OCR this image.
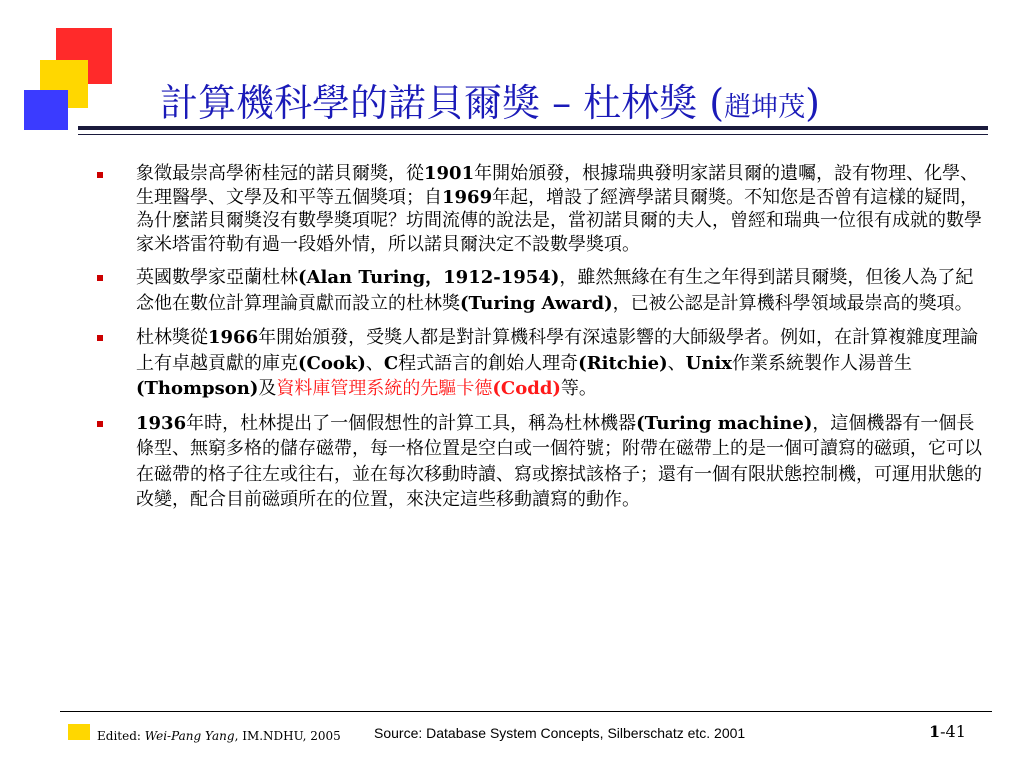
計算機科學的諾貝爾獎 – 杜林獎 (趙坤茂)
象徵最崇高學術桂冠的諾貝爾獎，從1901年開始頒發，根據瑞典發明家諾貝爾的遺囑，設有物理、化學、生理醫學、文學及和平等五個獎項；自1969年起，增設了經濟學諾貝爾獎。不知您是否曾有這樣的疑問，為什麼諾貝爾獎沒有數學獎項呢？坊間流傳的說法是，當初諾貝爾的夫人，曾經和瑞典一位很有成就的數學家米塔雷符勒有過一段婚外情，所以諾貝爾決定不設數學獎項。
英國數學家亞蘭杜林(Alan Turing，1912-1954)，雖然無緣在有生之年得到諾貝爾獎，但後人為了紀念他在數位計算理論貢獻而設立的杜林獎(Turing Award)，已被公認是計算機科學領域最崇高的獎項。
杜林獎從1966年開始頒發，受獎人都是對計算機科學有深遠影響的大師級學者。例如，在計算複雜度理論上有卓越貢獻的庫克(Cook)、C程式語言的創始人理奇(Ritchie)、Unix作業系統製作人湯普生(Thompson)及資料庫管理系統的先驅卡德(Codd)等。
1936年時，杜林提出了一個假想性的計算工具，稱為杜林機器(Turing machine)，這個機器有一個長條型、無窮多格的儲存磁帶，每一格位置是空白或一個符號；附帶在磁帶上的是一個可讀寫的磁頭，它可以在磁帶的格子往左或往右，並在每次移動時讀、寫或擦拭該格子；還有一個有限狀態控制機，可運用狀態的改變，配合目前磁頭所在的位置，來決定這些移動讀寫的動作。
Edited: Wei-Pang Yang, IM.NDHU, 2005 Source: Database System Concepts, Silberschatz etc. 2001	1-41
